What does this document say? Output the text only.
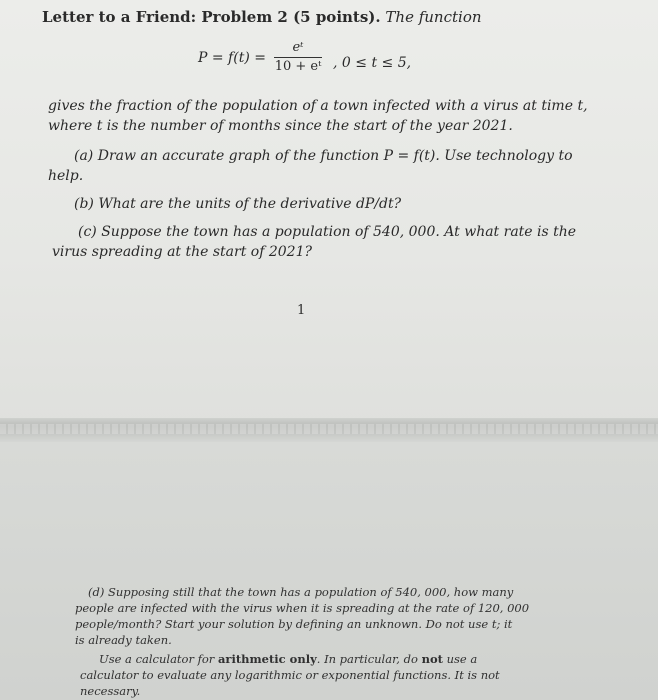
Letter to a Friend: Problem 2 (5 points). The function
P = f(t) =
eᵗ
10 + eᵗ , 0 ≤ t ≤ 5,
gives the fraction of the population of a town infected with a virus at time t,
where t is the number of months since the start of the year 2021.
(a) Draw an accurate graph of the function P = f(t). Use technology to
help.
(b) What are the units of the derivative dP/dt?
(c) Suppose the town has a population of 540, 000. At what rate is the
virus spreading at the start of 2021?
1
(d) Supposing still that the town has a population of 540, 000, how many
people are infected with the virus when it is spreading at the rate of 120, 000
people/month? Start your solution by defining an unknown. Do not use t; it
is already taken.
Use a calculator for arithmetic only. In particular, do not use a
calculator to evaluate any logarithmic or exponential functions. It is not
necessary.
